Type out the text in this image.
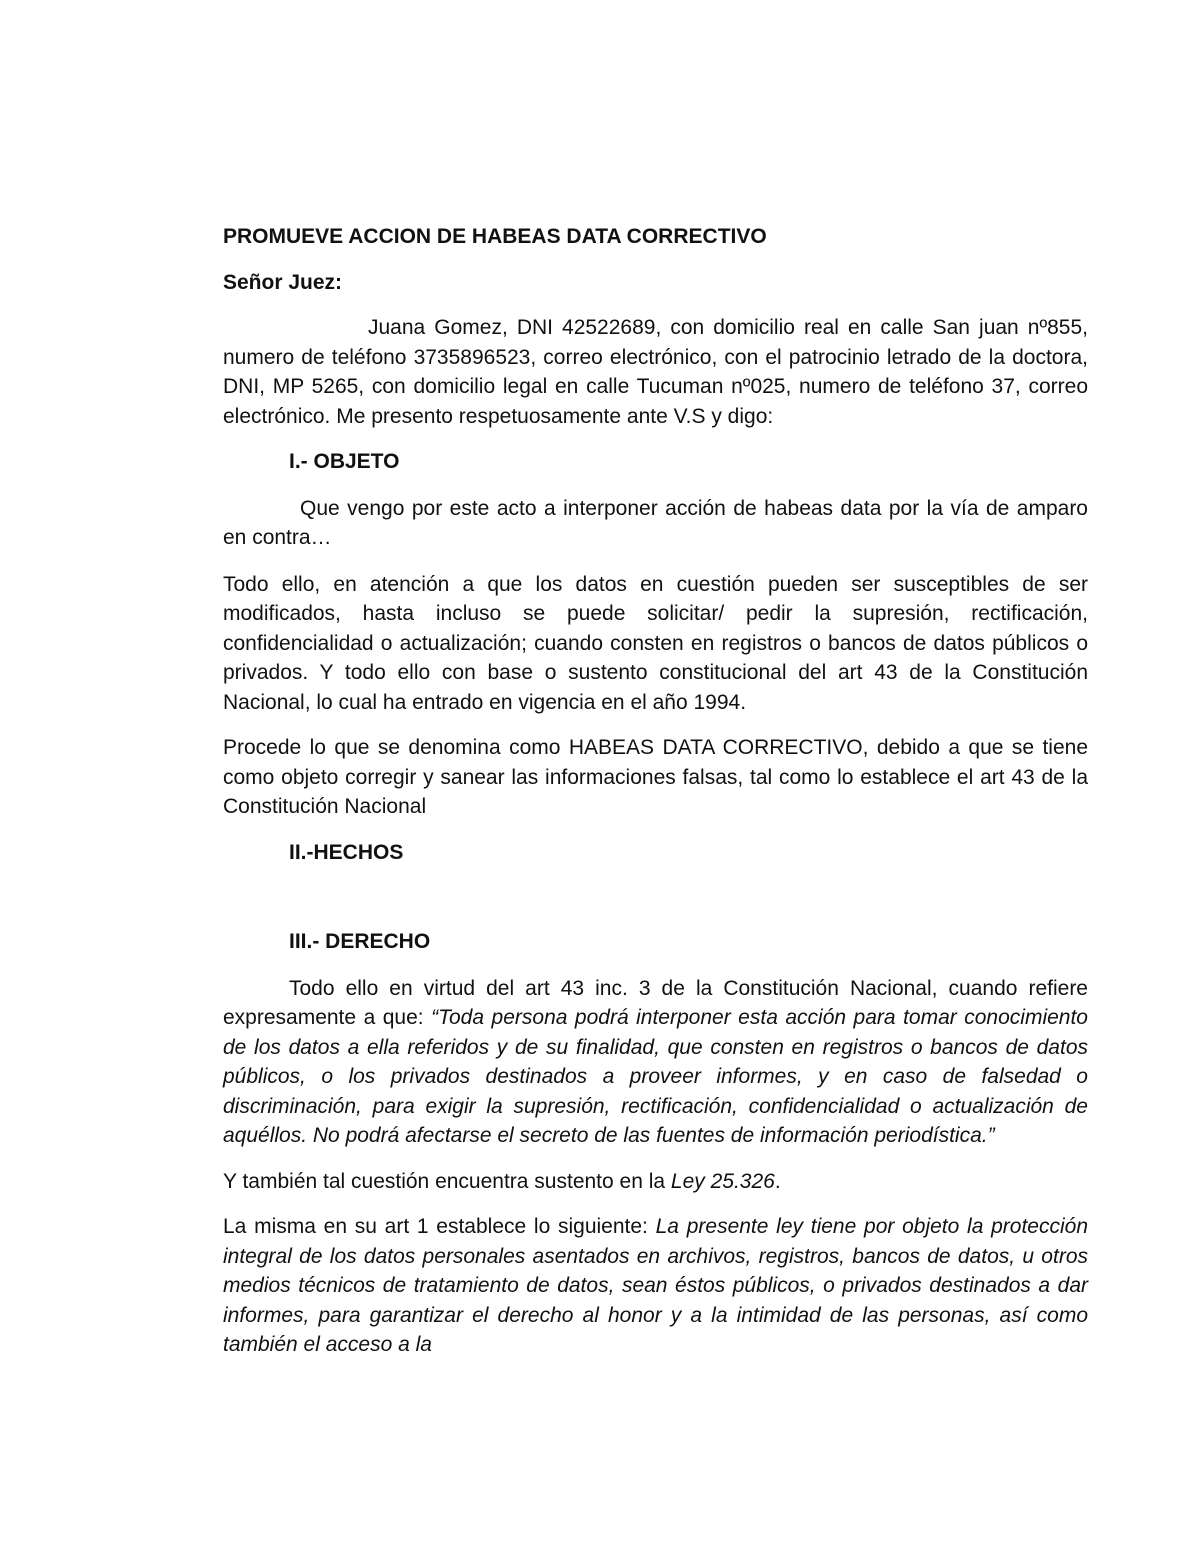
PROMUEVE ACCION DE HABEAS DATA CORRECTIVO

Señor Juez:

Juana Gomez, DNI 42522689, con domicilio real en calle San juan nº855, numero de teléfono 3735896523, correo electrónico, con el patrocinio letrado de la doctora, DNI, MP 5265, con domicilio legal en calle Tucuman nº025, numero de teléfono 37, correo electrónico. Me presento respetuosamente ante V.S y digo:

I.- OBJETO

Que vengo por este acto a interponer acción de habeas data por la vía de amparo en contra…

Todo ello, en atención a que los datos en cuestión pueden ser susceptibles de ser modificados, hasta incluso se puede solicitar/ pedir la supresión, rectificación, confidencialidad o actualización; cuando consten en registros o bancos de datos públicos o privados. Y todo ello con base o sustento constitucional del art 43 de la Constitución Nacional, lo cual ha entrado en vigencia en el año 1994.

Procede lo que se denomina como HABEAS DATA CORRECTIVO, debido a que se tiene como objeto corregir y sanear las informaciones falsas, tal como lo establece el art 43 de la Constitución Nacional

II.-HECHOS

III.- DERECHO

Todo ello en virtud del art 43 inc. 3 de la Constitución Nacional, cuando refiere expresamente a que: “Toda persona podrá interponer esta acción para tomar conocimiento de los datos a ella referidos y de su finalidad, que consten en registros o bancos de datos públicos, o los privados destinados a proveer informes, y en caso de falsedad o discriminación, para exigir la supresión, rectificación, confidencialidad o actualización de aquéllos. No podrá afectarse el secreto de las fuentes de información periodística.”

Y también tal cuestión encuentra sustento en la Ley 25.326.

La misma en su art 1 establece lo siguiente: La presente ley tiene por objeto la protección integral de los datos personales asentados en archivos, registros, bancos de datos, u otros medios técnicos de tratamiento de datos, sean éstos públicos, o privados destinados a dar informes, para garantizar el derecho al honor y a la intimidad de las personas, así como también el acceso a la
